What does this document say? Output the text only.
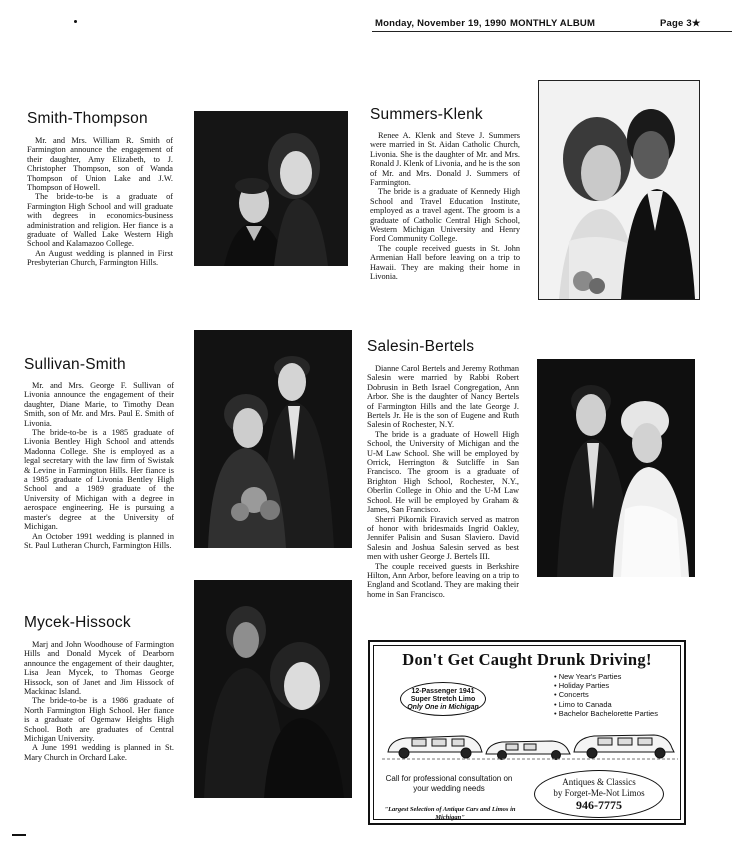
Monday, November 19, 1990 MONTHLY ALBUM	Page 3★
Smith-Thompson

Mr. and Mrs. William R. Smith of Farmington announce the engagement of their daughter, Amy Elizabeth, to J. Christopher Thompson, son of Wanda Thompson of Union Lake and J.W. Thompson of Howell.

The bride-to-be is a graduate of Farmington High School and will graduate with degrees in economics-business administration and religion. Her fiance is a graduate of Walled Lake Western High School and Kalamazoo College.

An August wedding is planned in First Presbyterian Church, Farmington Hills.

Summers-Klenk

Renee A. Klenk and Steve J. Summers were married in St. Aidan Catholic Church, Livonia. She is the daughter of Mr. and Mrs. Ronald J. Klenk of Livonia, and he is the son of Mr. and Mrs. Donald J. Summers of Farmington.

The bride is a graduate of Kennedy High School and Travel Education Institute, employed as a travel agent. The groom is a graduate of Catholic Central High School, Western Michigan University and Henry Ford Community College.

The couple received guests in St. John Armenian Hall before leaving on a trip to Hawaii. They are making their home in Livonia.

Sullivan-Smith

Mr. and Mrs. George F. Sullivan of Livonia announce the engagement of their daughter, Diane Marie, to Timothy Dean Smith, son of Mr. and Mrs. Paul E. Smith of Livonia.

The bride-to-be is a 1985 graduate of Livonia Bentley High School and attends Madonna College. She is employed as a legal secretary with the law firm of Swistak & Levine in Farmington Hills. Her fiance is a 1985 graduate of Livonia Bentley High School and a 1989 graduate of the University of Michigan with a degree in aerospace engineering. He is pursuing a master's degree at the University of Michigan.

An October 1991 wedding is planned in St. Paul Lutheran Church, Farmington Hills.

Salesin-Bertels

Dianne Carol Bertels and Jeremy Rothman Salesin were married by Rabbi Robert Dobrusin in Beth Israel Congregation, Ann Arbor. She is the daughter of Nancy Bertels of Farmington Hills and the late George J. Bertels Jr. He is the son of Eugene and Ruth Salesin of Rochester, N.Y.

The bride is a graduate of Howell High School, the University of Michigan and the U-M Law School. She will be employed by Orrick, Herrington & Sutcliffe in San Francisco. The groom is a graduate of Brighton High School, Rochester, N.Y., Oberlin College in Ohio and the U-M Law School. He will be employed by Graham & James, San Francisco.

Sherri Pikornik Firavich served as matron of honor with bridesmaids Ingrid Oakley, Jennifer Palisin and Susan Slaviero. David Salesin and Joshua Salesin served as best men with usher George J. Bertels III.

The couple received guests in Berkshire Hilton, Ann Arbor, before leaving on a trip to England and Scotland. They are making their home in San Francisco.

Mycek-Hissock

Marj and John Woodhouse of Farmington Hills and Donald Mycek of Dearborn announce the engagement of their daughter, Lisa Jean Mycek, to Thomas George Hissock, son of Janet and Jim Hissock of Mackinac Island.

The bride-to-be is a 1986 graduate of North Farmington High School. Her fiance is a graduate of Ogemaw Heights High School. Both are graduates of Central Michigan University.

A June 1991 wedding is planned in St. Mary Church in Orchard Lake.

Don't Get Caught Drunk Driving!
12-Passenger 1941
Super Stretch Limo
Only One in Michigan
• New Year's Parties
• Holiday Parties
• Concerts
• Limo to Canada
• Bachelor Bachelorette Parties
Call for professional consultation on your wedding needs
"Largest Selection of Antique Cars and Limos in Michigan"
Antiques & Classics
by Forget-Me-Not Limos
946-7775
